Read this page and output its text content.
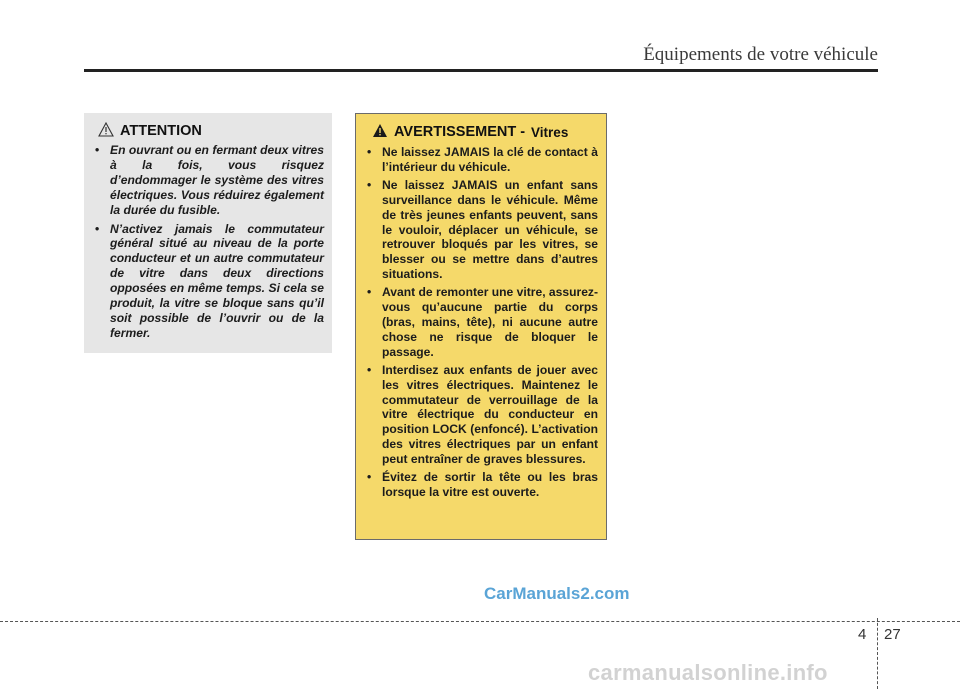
Équipements de votre véhicule
ATTENTION
• En ouvrant ou en fermant deux vitres à la fois, vous risquez d’endommager le système des vitres électriques. Vous réduirez également la durée du fusible.
• N’activez jamais le commutateur général situé au niveau de la porte conducteur et un autre commutateur de vitre dans deux directions opposées en même temps. Si cela se produit, la vitre se bloque sans qu’il soit possible de l’ouvrir ou de la fermer.
AVERTISSEMENT - Vitres
• Ne laissez JAMAIS la clé de contact à l’intérieur du véhicule.
• Ne laissez JAMAIS un enfant sans surveillance dans le véhicule. Même de très jeunes enfants peuvent, sans le vouloir, déplacer un véhicule, se retrouver bloqués par les vitres, se blesser ou se mettre dans d’autres situations.
• Avant de remonter une vitre, assurez-vous qu’aucune partie du corps (bras, mains, tête), ni aucune autre chose ne risque de bloquer le passage.
• Interdisez aux enfants de jouer avec les vitres électriques. Maintenez le commutateur de verrouillage de la vitre électrique du conducteur en position LOCK (enfoncé). L’activation des vitres électriques par un enfant peut entraîner de graves blessures.
• Évitez de sortir la tête ou les bras lorsque la vitre est ouverte.
CarManuals2.com
4 27
carmanualsonline.info
